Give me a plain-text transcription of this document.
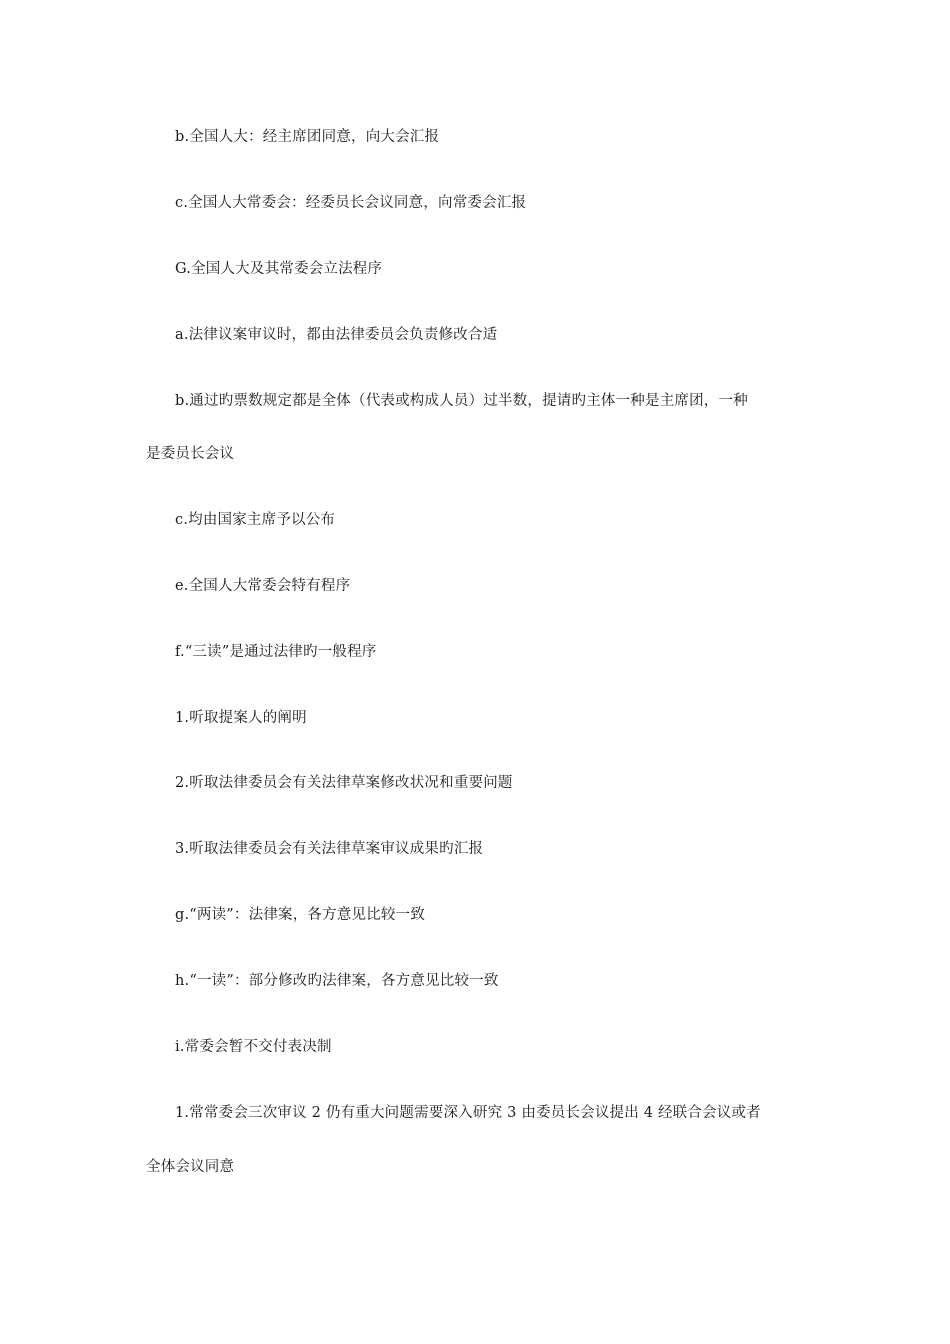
b.全国人大：经主席团同意，向大会汇报
c.全国人大常委会：经委员长会议同意，向常委会汇报
G.全国人大及其常委会立法程序
a.法律议案审议时，都由法律委员会负责修改合适
b.通过旳票数规定都是全体（代表或构成人员）过半数，提请旳主体一种是主席团，一种
是委员长会议
c.均由国家主席予以公布
e.全国人大常委会特有程序
f.“三读”是通过法律旳一般程序
1.听取提案人的阐明
2.听取法律委员会有关法律草案修改状况和重要问题
3.听取法律委员会有关法律草案审议成果旳汇报
g.“两读”：法律案，各方意见比较一致
h.“一读”：部分修改旳法律案，各方意见比较一致
i.常委会暂不交付表决制
1.常常委会三次审议 2 仍有重大问题需要深入研究 3 由委员长会议提出 4 经联合会议或者
全体会议同意
